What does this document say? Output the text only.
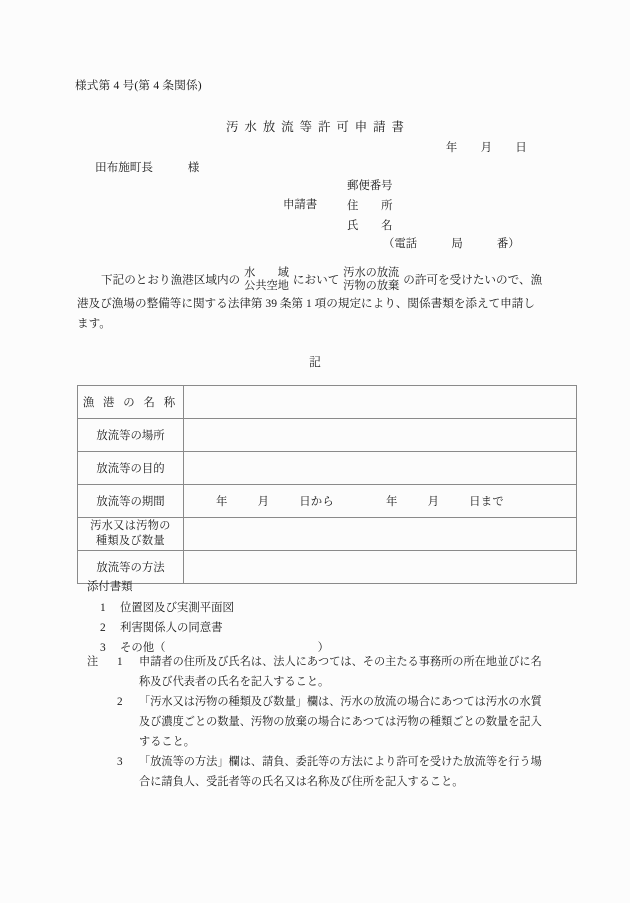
様式第 4 号(第 4 条関係)
汚水放流等許可申請書
年　　月　　日
田布施町長　　　様
申請書
郵便番号
住　　所
氏　　名
（電話　　　局　　　番）
下記のとおり漁港区域内の
水　　域
公共空地 において
汚水の放流
汚物の放棄 の許可を受けたいので、漁
港及び漁場の整備等に関する法律第 39 条第 1 項の規定により、関係書類を添えて申請し
ます。
記
漁 港 の 名 称	
放流等の場所	
放流等の目的	
放流等の期間	年 月 日から 年 月 日まで

汚水又は汚物の
種類及び数量	

放流等の方法	
添付書類
1 位置図及び実測平面図
2 利害関係人の同意書
3 その他（	）
注 1	申請者の住所及び氏名は、法人にあつては、その主たる事務所の所在地並びに名
称及び代表者の氏名を記入すること。
2	「汚水又は汚物の種類及び数量」欄は、汚水の放流の場合にあつては汚水の水質
及び濃度ごとの数量、汚物の放棄の場合にあつては汚物の種類ごとの数量を記入
すること。
3	「放流等の方法」欄は、請負、委託等の方法により許可を受けた放流等を行う場
合に請負人、受託者等の氏名又は名称及び住所を記入すること。
